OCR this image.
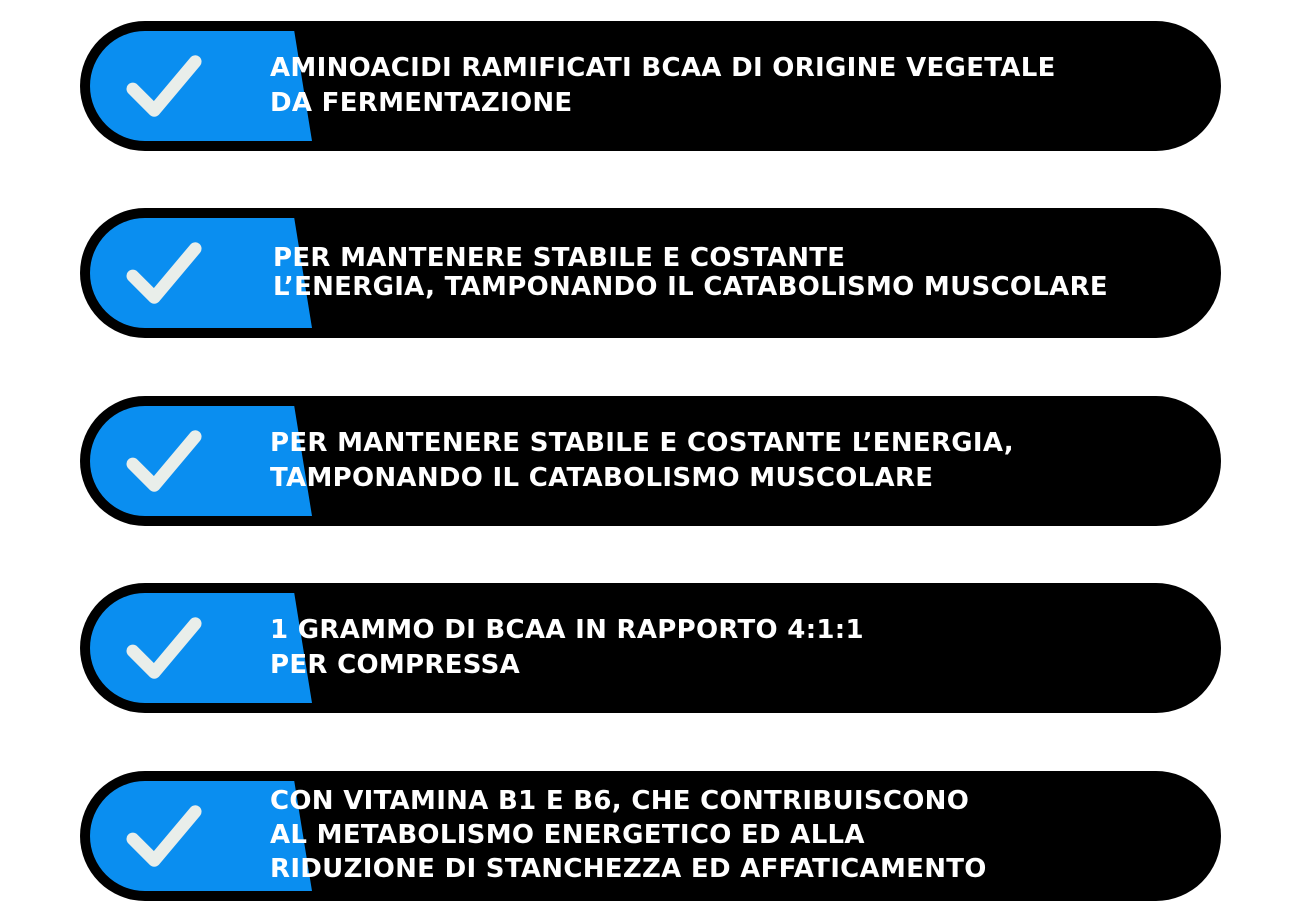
AMINOACIDI RAMIFICATI BCAA DI ORIGINE VEGETALE
DA FERMENTAZIONE
PER MANTENERE STABILE E COSTANTE
L’ENERGIA, TAMPONANDO IL CATABOLISMO MUSCOLARE
PER MANTENERE STABILE E COSTANTE L’ENERGIA,
TAMPONANDO IL CATABOLISMO MUSCOLARE
1 GRAMMO DI BCAA IN RAPPORTO 4:1:1
PER COMPRESSA
CON VITAMINA B1 E B6, CHE CONTRIBUISCONO
AL METABOLISMO ENERGETICO ED ALLA
RIDUZIONE DI STANCHEZZA ED AFFATICAMENTO
